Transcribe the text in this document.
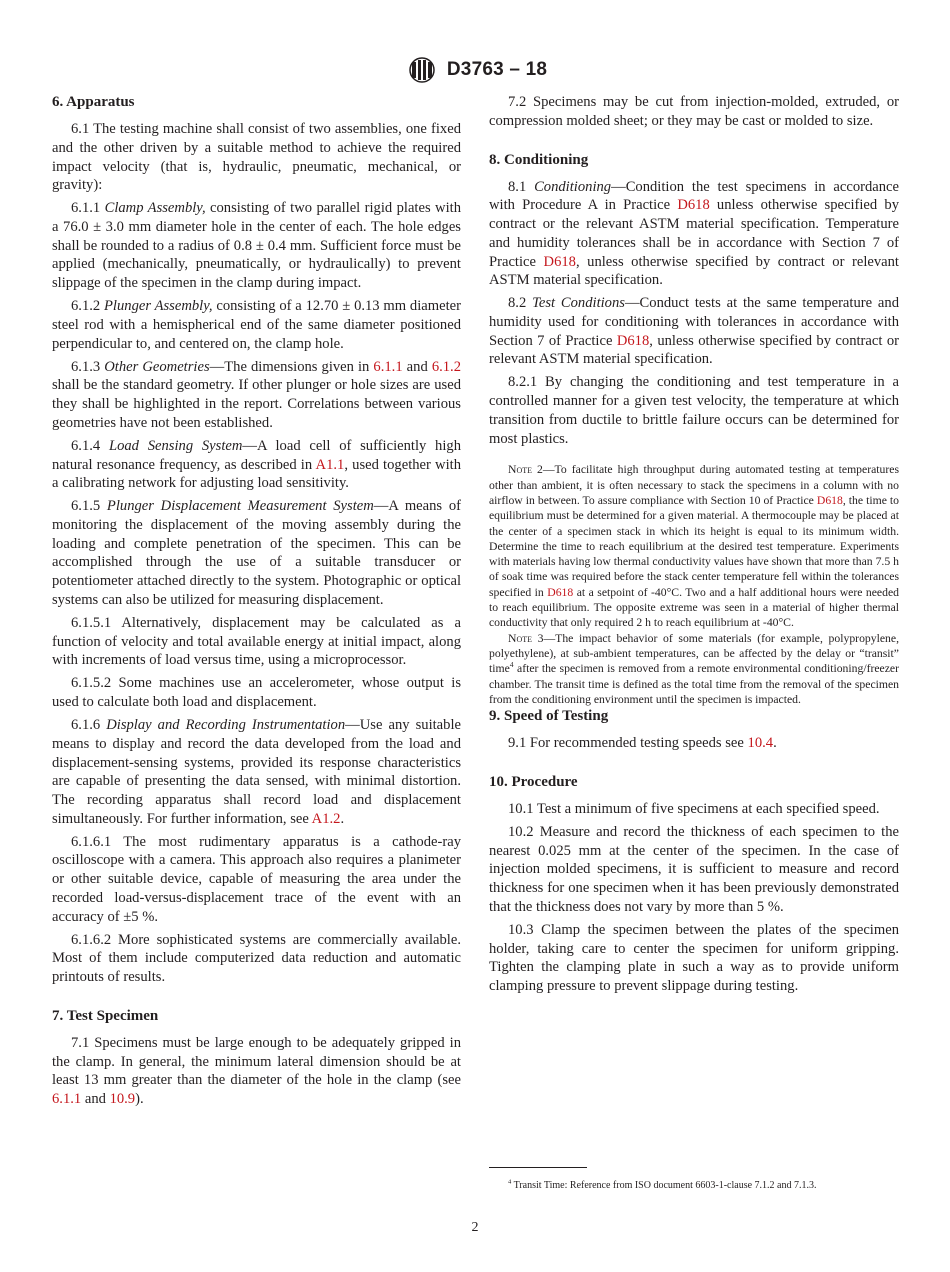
D3763 – 18
6. Apparatus

6.1 The testing machine shall consist of two assemblies, one fixed and the other driven by a suitable method to achieve the required impact velocity (that is, hydraulic, pneumatic, mechanical, or gravity):

6.1.1 Clamp Assembly, consisting of two parallel rigid plates with a 76.0 ± 3.0 mm diameter hole in the center of each. The hole edges shall be rounded to a radius of 0.8 ± 0.4 mm. Sufficient force must be applied (mechanically, pneumatically, or hydraulically) to prevent slippage of the specimen in the clamp during impact.

6.1.2 Plunger Assembly, consisting of a 12.70 ± 0.13 mm diameter steel rod with a hemispherical end of the same diameter positioned perpendicular to, and centered on, the clamp hole.

6.1.3 Other Geometries—The dimensions given in 6.1.1 and 6.1.2 shall be the standard geometry. If other plunger or hole sizes are used they shall be highlighted in the report. Correlations between various geometries have not been established.

6.1.4 Load Sensing System—A load cell of sufficiently high natural resonance frequency, as described in A1.1, used together with a calibrating network for adjusting load sensitivity.

6.1.5 Plunger Displacement Measurement System—A means of monitoring the displacement of the moving assembly during the loading and complete penetration of the specimen. This can be accomplished through the use of a suitable transducer or potentiometer attached directly to the system. Photographic or optical systems can also be utilized for measuring displacement.

6.1.5.1 Alternatively, displacement may be calculated as a function of velocity and total available energy at initial impact, along with increments of load versus time, using a microprocessor.

6.1.5.2 Some machines use an accelerometer, whose output is used to calculate both load and displacement.

6.1.6 Display and Recording Instrumentation—Use any suitable means to display and record the data developed from the load and displacement-sensing systems, provided its response characteristics are capable of presenting the data sensed, with minimal distortion. The recording apparatus shall record load and displacement simultaneously. For further information, see A1.2.

6.1.6.1 The most rudimentary apparatus is a cathode-ray oscilloscope with a camera. This approach also requires a planimeter or other suitable device, capable of measuring the area under the recorded load-versus-displacement trace of the event with an accuracy of ±5 %.

6.1.6.2 More sophisticated systems are commercially available. Most of them include computerized data reduction and automatic printouts of results.

7. Test Specimen

7.1 Specimens must be large enough to be adequately gripped in the clamp. In general, the minimum lateral dimension should be at least 13 mm greater than the diameter of the hole in the clamp (see 6.1.1 and 10.9).

7.2 Specimens may be cut from injection-molded, extruded, or compression molded sheet; or they may be cast or molded to size.

8. Conditioning

8.1 Conditioning—Condition the test specimens in accordance with Procedure A in Practice D618 unless otherwise specified by contract or the relevant ASTM material specification. Temperature and humidity tolerances shall be in accordance with Section 7 of Practice D618, unless otherwise specified by contract or relevant ASTM material specification.

8.2 Test Conditions—Conduct tests at the same temperature and humidity used for conditioning with tolerances in accordance with Section 7 of Practice D618, unless otherwise specified by contract or relevant ASTM material specification.

8.2.1 By changing the conditioning and test temperature in a controlled manner for a given test velocity, the temperature at which transition from ductile to brittle failure occurs can be determined for most plastics.

Note 2—To facilitate high throughput during automated testing at temperatures other than ambient, it is often necessary to stack the specimens in a column with no airflow in between. To assure compliance with Section 10 of Practice D618, the time to equilibrium must be determined for a given material. A thermocouple may be placed at the center of a specimen stack in which its height is equal to its minimum width. Determine the time to reach equilibrium at the desired test temperature. Experiments with materials having low thermal conductivity values have shown that more than 7.5 h of soak time was required before the stack center temperature fell within the tolerances specified in D618 at a setpoint of -40°C. Two and a half additional hours were needed to reach equilibrium. The opposite extreme was seen in a material of higher thermal conductivity that only required 2 h to reach equilibrium at -40°C.

Note 3—The impact behavior of some materials (for example, polypropylene, polyethylene), at sub-ambient temperatures, can be affected by the delay or “transit” time$^4$ after the specimen is removed from a remote environmental conditioning/freezer chamber. The transit time is defined as the total time from the removal of the specimen from the conditioning environment until the specimen is impacted.

9. Speed of Testing

9.1 For recommended testing speeds see 10.4.

10. Procedure

10.1 Test a minimum of five specimens at each specified speed.

10.2 Measure and record the thickness of each specimen to the nearest 0.025 mm at the center of the specimen. In the case of injection molded specimens, it is sufficient to measure and record thickness for one specimen when it has been previously demonstrated that the thickness does not vary by more than 5 %.

10.3 Clamp the specimen between the plates of the specimen holder, taking care to center the specimen for uniform gripping. Tighten the clamping plate in such a way as to provide uniform clamping pressure to prevent slippage during testing.

$^4$ Transit Time: Reference from ISO document 6603-1-clause 7.1.2 and 7.1.3.
2
